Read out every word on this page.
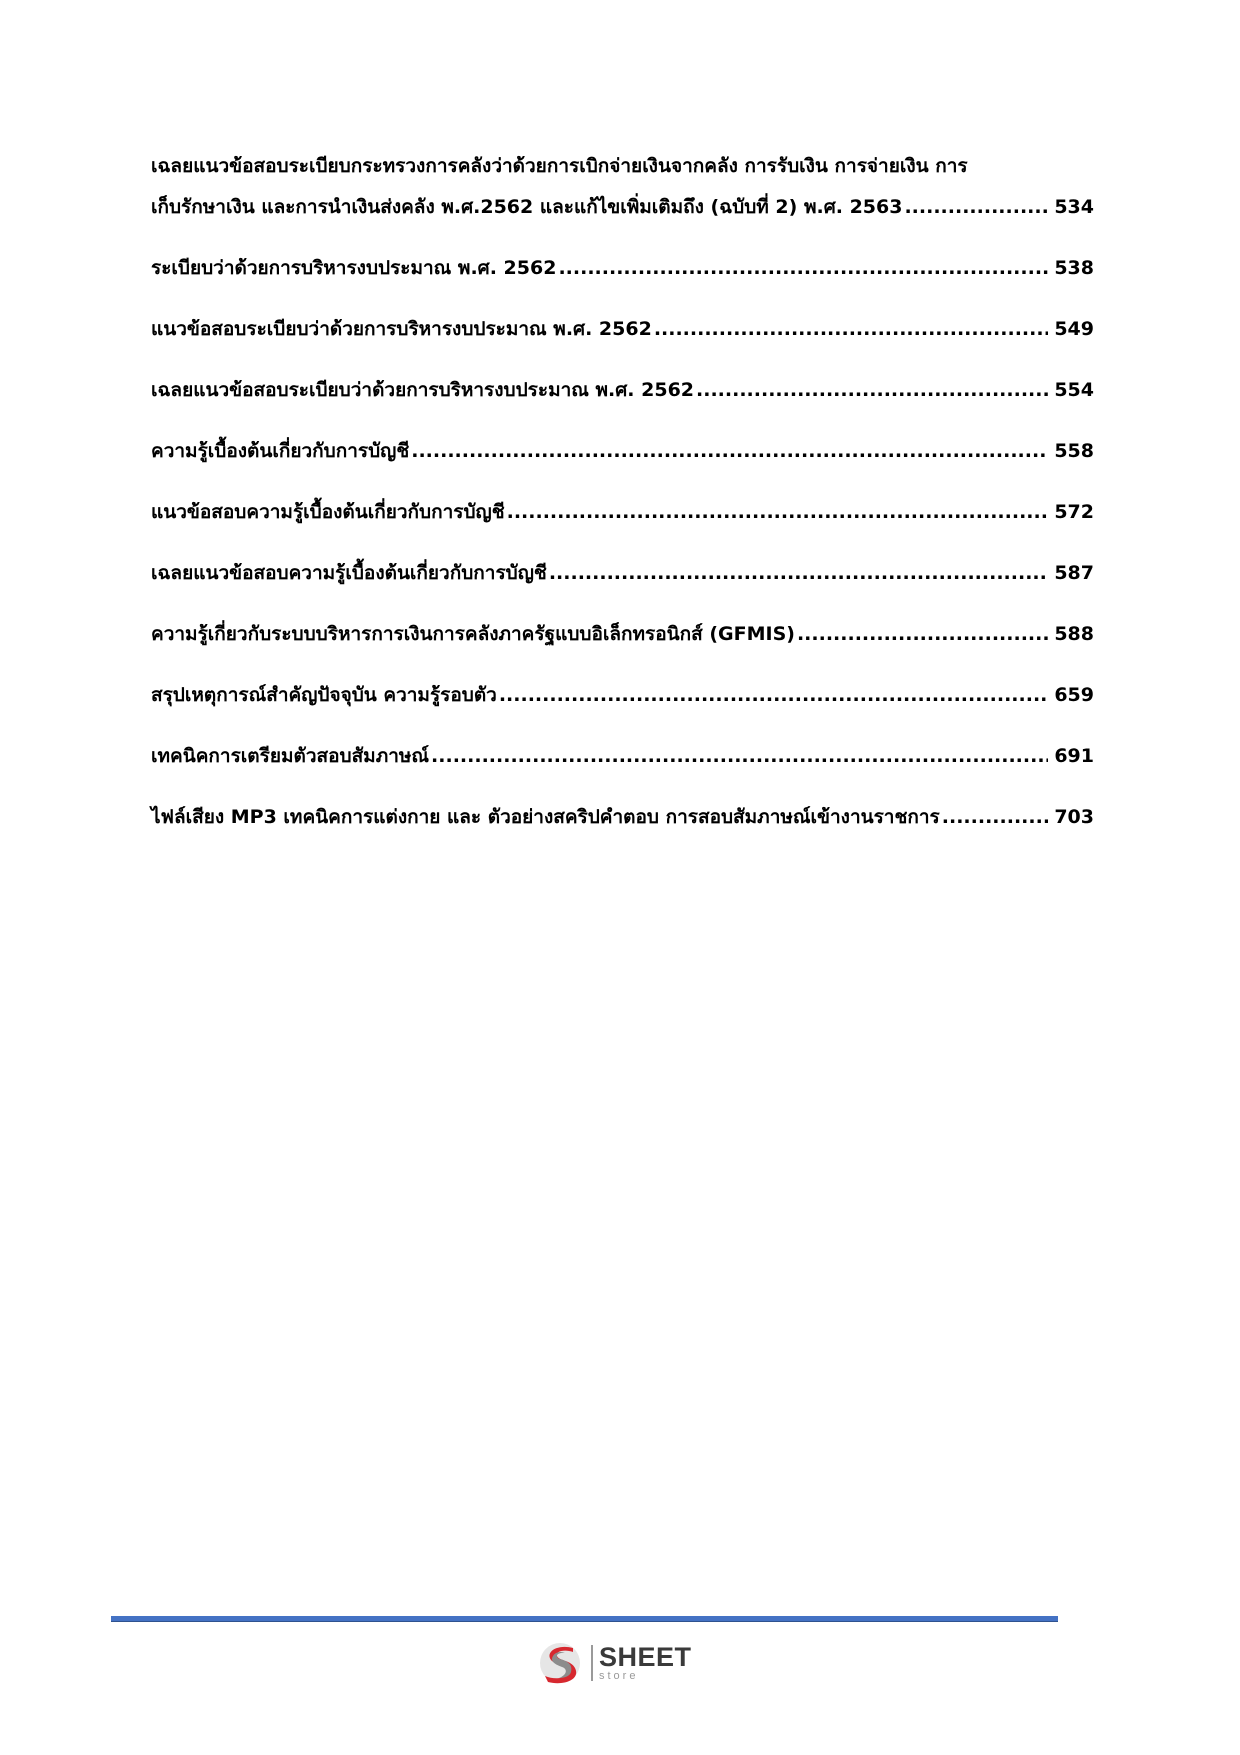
เฉลยแนวข้อสอบระเบียบกระทรวงการคลังว่าด้วยการเบิกจ่ายเงินจากคลัง การรับเงิน การจ่ายเงิน การ
เก็บรักษาเงิน และการนำเงินส่งคลัง พ.ศ.2562 และแก้ไขเพิ่มเติมถึง (ฉบับที่ 2) พ.ศ. 2563 .....	534
ระเบียบว่าด้วยการบริหารงบประมาณ พ.ศ. 2562 .....	538
แนวข้อสอบระเบียบว่าด้วยการบริหารงบประมาณ พ.ศ. 2562 .....	549
เฉลยแนวข้อสอบระเบียบว่าด้วยการบริหารงบประมาณ พ.ศ. 2562 .....	554
ความรู้เบื้องต้นเกี่ยวกับการบัญชี .....	558
แนวข้อสอบความรู้เบื้องต้นเกี่ยวกับการบัญชี .....	572
เฉลยแนวข้อสอบความรู้เบื้องต้นเกี่ยวกับการบัญชี .....	587
ความรู้เกี่ยวกับระบบบริหารการเงินการคลังภาครัฐแบบอิเล็กทรอนิกส์ (GFMIS) .....	588
สรุปเหตุการณ์สำคัญปัจจุบัน ความรู้รอบตัว .....	659
เทคนิคการเตรียมตัวสอบสัมภาษณ์ .....	691
ไฟล์เสียง MP3 เทคนิคการแต่งกาย และ ตัวอย่างสคริปคำตอบ การสอบสัมภาษณ์เข้างานราชการ .....	703
SHEET
store
